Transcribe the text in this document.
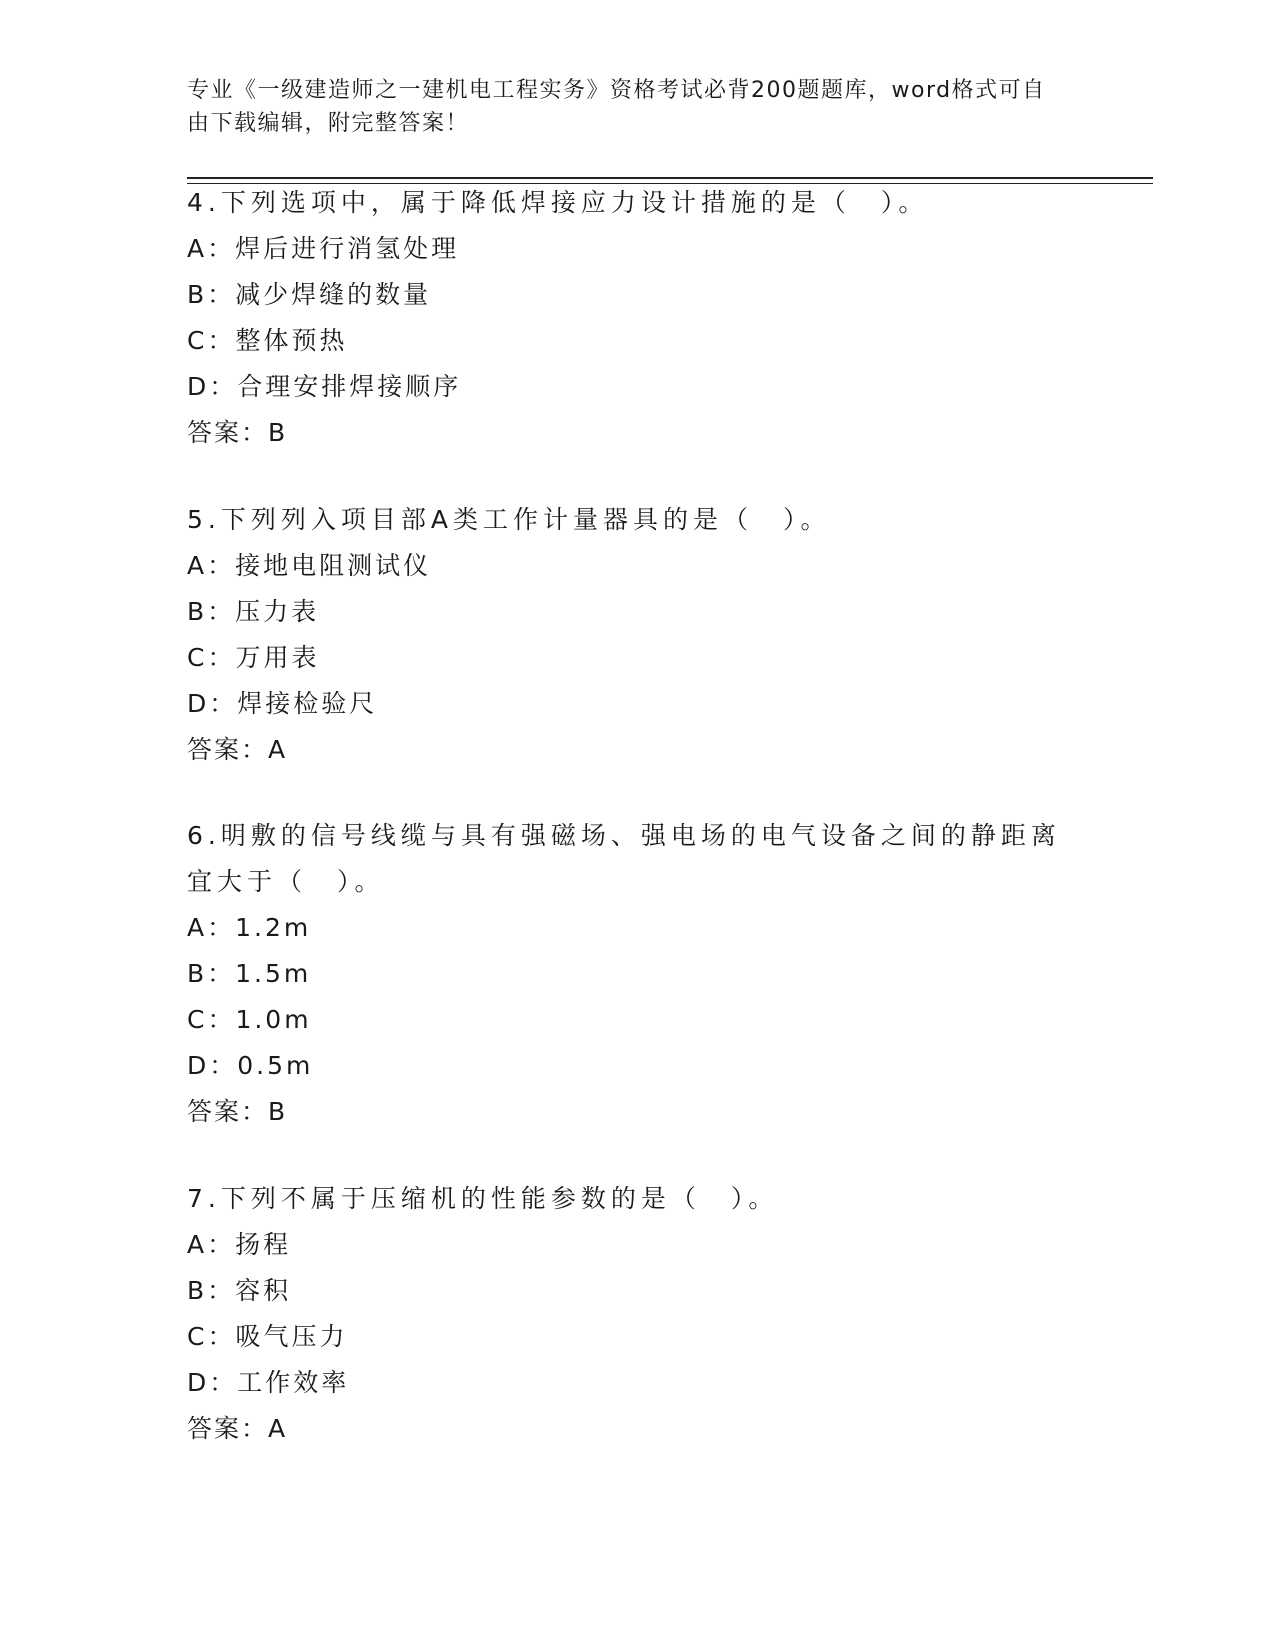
专业《一级建造师之一建机电工程实务》资格考试必背200题题库，word格式可自由下载编辑，附完整答案！
4.下列选项中，属于降低焊接应力设计措施的是（　）。
A：焊后进行消氢处理
B：减少焊缝的数量
C：整体预热
D：合理安排焊接顺序
答案：B
5.下列列入项目部A类工作计量器具的是（　）。
A：接地电阻测试仪
B：压力表
C：万用表
D：焊接检验尺
答案：A
6.明敷的信号线缆与具有强磁场、强电场的电气设备之间的静距离宜大于（　）。
A：1.2m
B：1.5m
C：1.0m
D：0.5m
答案：B
7.下列不属于压缩机的性能参数的是（　）。
A：扬程
B：容积
C：吸气压力
D：工作效率
答案：A
